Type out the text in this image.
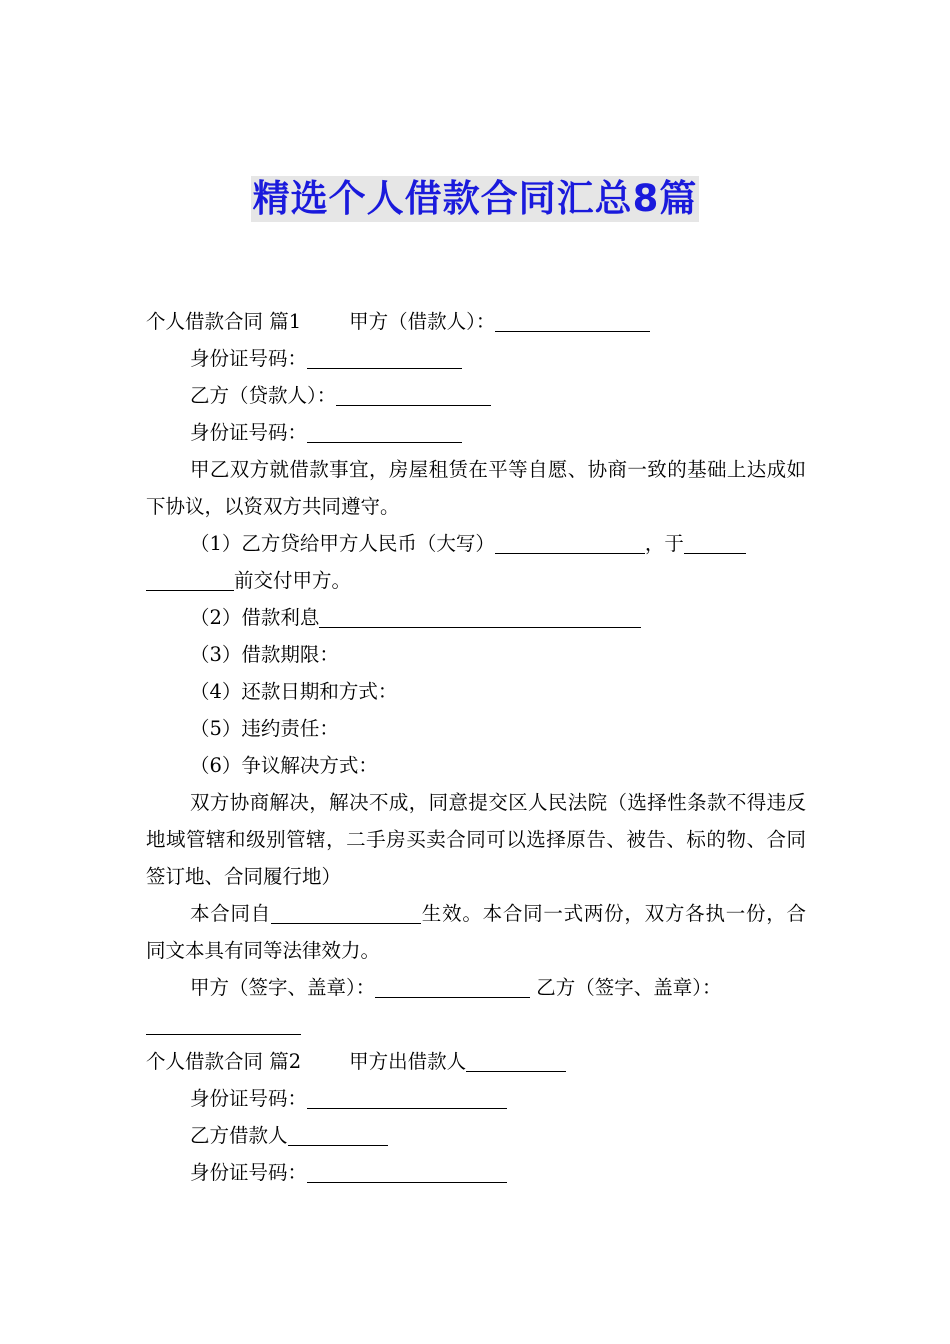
精选个人借款合同汇总8篇

个人借款合同 篇1 甲方（借款人）：

身份证号码：

乙方（贷款人）：

身份证号码：

甲乙双方就借款事宜，房屋租赁在平等自愿、协商一致的基础上达成如下协议，以资双方共同遵守。

（1）乙方贷给甲方人民币（大写）	，于

前交付甲方。

（2）借款利息

（3）借款期限：

（4）还款日期和方式：

（5）违约责任：

（6）争议解决方式：

双方协商解决，解决不成，同意提交区人民法院（选择性条款不得违反地域管辖和级别管辖，二手房买卖合同可以选择原告、被告、标的物、合同签订地、合同履行地）

本合同自	生效。本合同一式两份，双方各执一份，合同文本具有同等法律效力。

甲方（签字、盖章）：	乙方（签字、盖章）：

个人借款合同 篇2 甲方出借款人

身份证号码：

乙方借款人

身份证号码：
